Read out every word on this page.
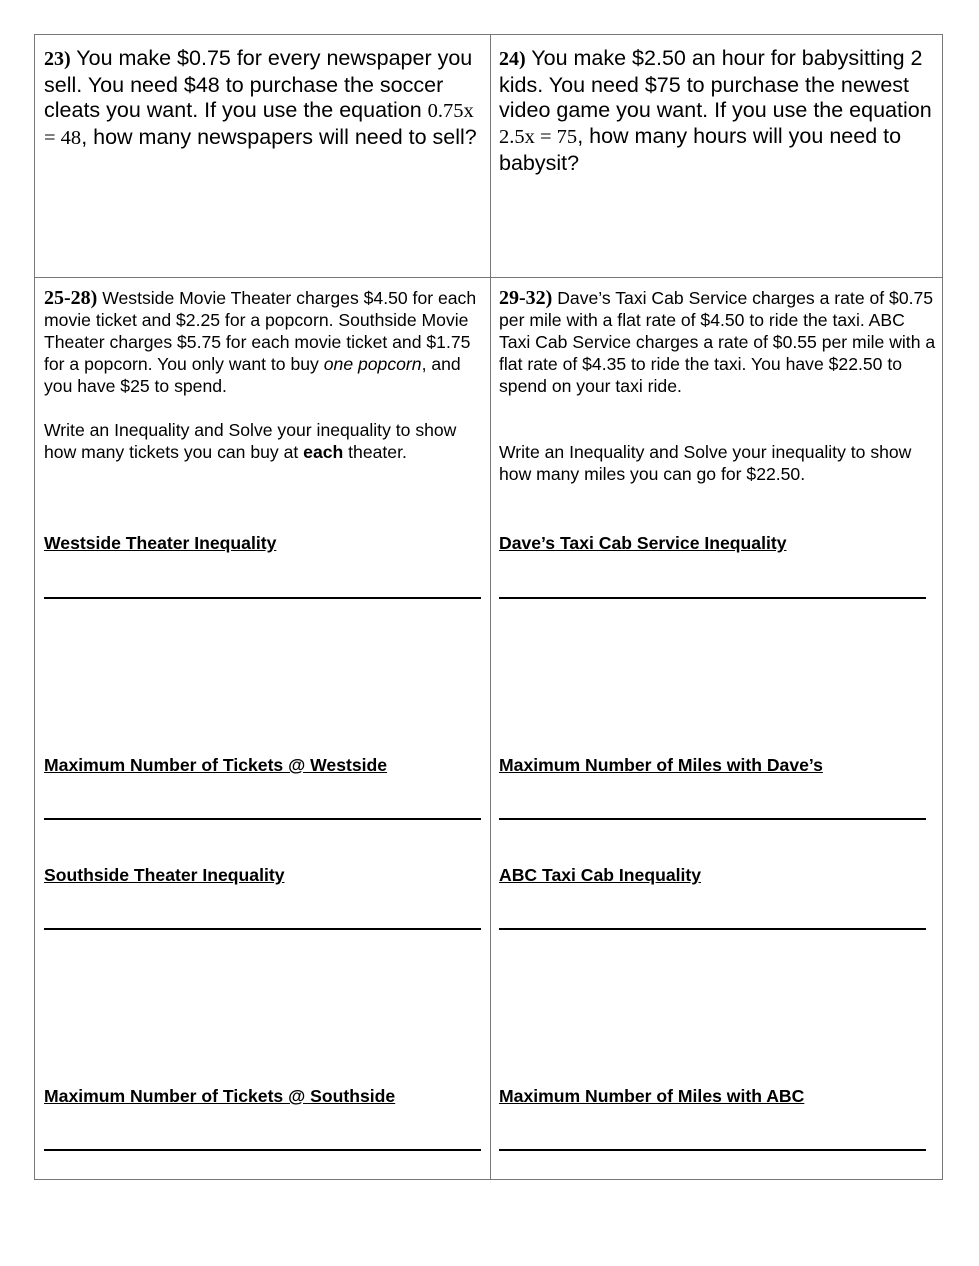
23) You make $0.75 for every newspaper you sell. You need $48 to purchase the soccer cleats you want. If you use the equation 0.75x = 48, how many newspapers will need to sell?
24) You make $2.50 an hour for babysitting 2 kids. You need $75 to purchase the newest video game you want. If you use the equation 2.5x = 75, how many hours will you need to babysit?

25-28) Westside Movie Theater charges $4.50 for each movie ticket and $2.25 for a popcorn. Southside Movie Theater charges $5.75 for each movie ticket and $1.75 for a popcorn. You only want to buy one popcorn, and you have $25 to spend.

Write an Inequality and Solve your inequality to show how many tickets you can buy at each theater.

Westside Theater Inequality
Maximum Number of Tickets @ Westside
Southside Theater Inequality
Maximum Number of Tickets @ Southside

29-32) Dave’s Taxi Cab Service charges a rate of $0.75 per mile with a flat rate of $4.50 to ride the taxi. ABC Taxi Cab Service charges a rate of $0.55 per mile with a flat rate of $4.35 to ride the taxi. You have $22.50 to spend on your taxi ride.

Write an Inequality and Solve your inequality to show how many miles you can go for $22.50.

Dave’s Taxi Cab Service Inequality
Maximum Number of Miles with Dave’s
ABC Taxi Cab Inequality
Maximum Number of Miles with ABC
